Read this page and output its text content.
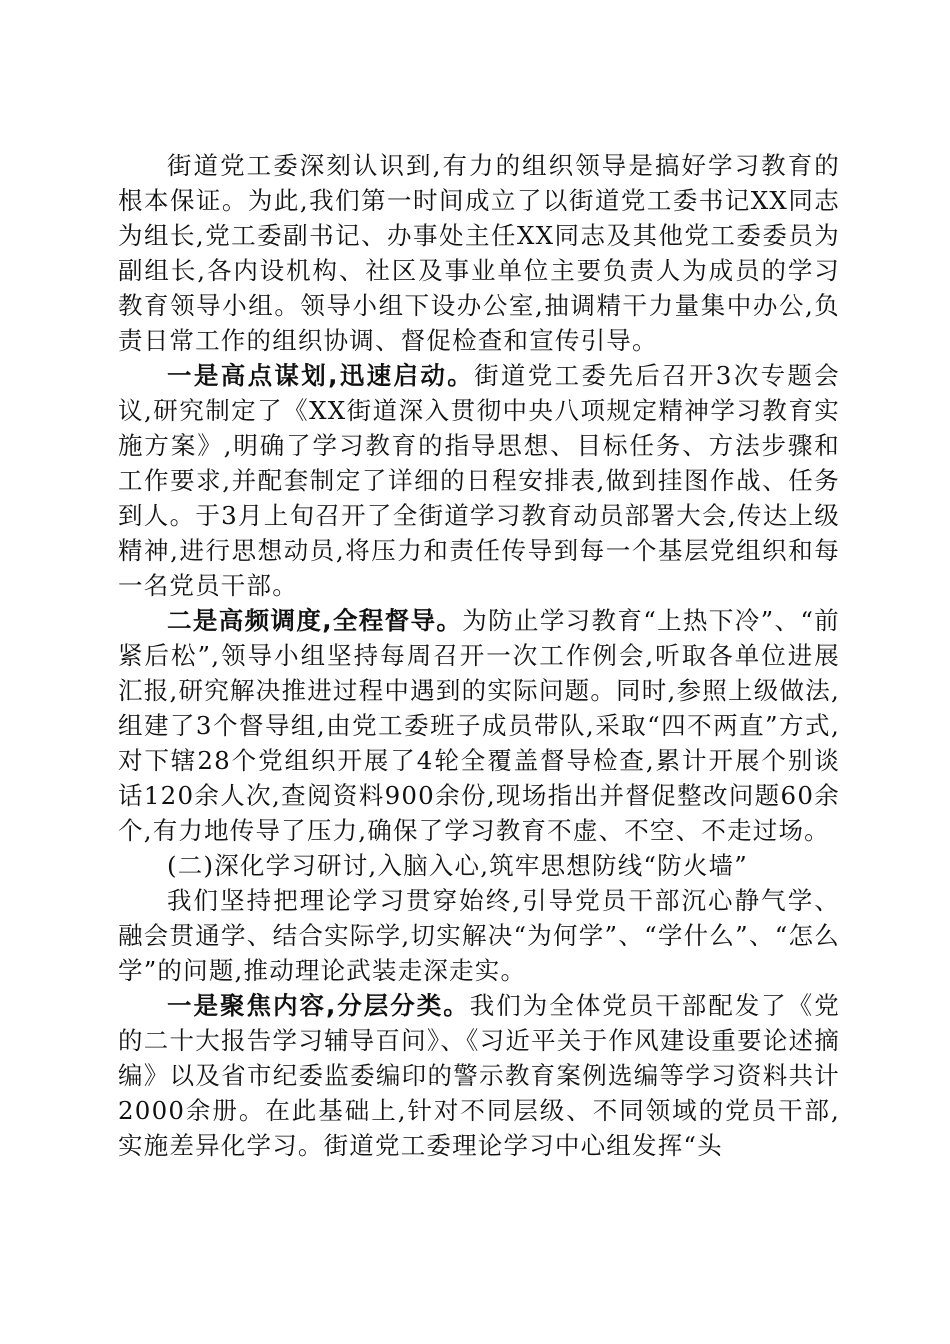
街道党工委深刻认识到,有力的组织领导是搞好学习教育的根本保证。为此,我们第一时间成立了以街道党工委书记XX同志为组长,党工委副书记、办事处主任XX同志及其他党工委委员为副组长,各内设机构、社区及事业单位主要负责人为成员的学习教育领导小组。领导小组下设办公室,抽调精干力量集中办公,负责日常工作的组织协调、督促检查和宣传引导。

一是高点谋划,迅速启动。街道党工委先后召开3次专题会议,研究制定了《XX街道深入贯彻中央八项规定精神学习教育实施方案》,明确了学习教育的指导思想、目标任务、方法步骤和工作要求,并配套制定了详细的日程安排表,做到挂图作战、任务到人。于3月上旬召开了全街道学习教育动员部署大会,传达上级精神,进行思想动员,将压力和责任传导到每一个基层党组织和每一名党员干部。

二是高频调度,全程督导。为防止学习教育“上热下冷”、“前紧后松”,领导小组坚持每周召开一次工作例会,听取各单位进展汇报,研究解决推进过程中遇到的实际问题。同时,参照上级做法,组建了3个督导组,由党工委班子成员带队,采取“四不两直”方式,对下辖28个党组织开展了4轮全覆盖督导检查,累计开展个别谈话120余人次,查阅资料900余份,现场指出并督促整改问题60余个,有力地传导了压力,确保了学习教育不虚、不空、不走过场。

(二)深化学习研讨,入脑入心,筑牢思想防线“防火墙”

我们坚持把理论学习贯穿始终,引导党员干部沉心静气学、融会贯通学、结合实际学,切实解决“为何学”、“学什么”、“怎么学”的问题,推动理论武装走深走实。

一是聚焦内容,分层分类。我们为全体党员干部配发了《党的二十大报告学习辅导百问》、《习近平关于作风建设重要论述摘编》以及省市纪委监委编印的警示教育案例选编等学习资料共计2000余册。在此基础上,针对不同层级、不同领域的党员干部,实施差异化学习。街道党工委理论学习中心组发挥“头
